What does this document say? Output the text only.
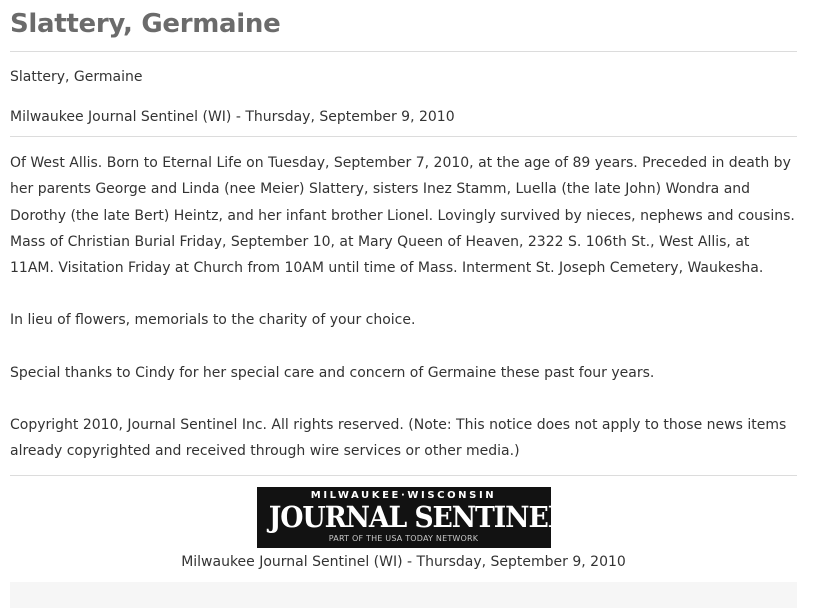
Slattery, Germaine
Slattery, Germaine
Milwaukee Journal Sentinel (WI) - Thursday, September 9, 2010

Of West Allis. Born to Eternal Life on Tuesday, September 7, 2010, at the age of 89 years. Preceded in death by her parents George and Linda (nee Meier) Slattery, sisters Inez Stamm, Luella (the late John) Wondra and Dorothy (the late Bert) Heintz, and her infant brother Lionel. Lovingly survived by nieces, nephews and cousins. Mass of Christian Burial Friday, September 10, at Mary Queen of Heaven, 2322 S. 106th St., West Allis, at 11AM. Visitation Friday at Church from 10AM until time of Mass. Interment St. Joseph Cemetery, Waukesha.

In lieu of flowers, memorials to the charity of your choice.

Special thanks to Cindy for her special care and concern of Germaine these past four years.

Copyright 2010, Journal Sentinel Inc. All rights reserved. (Note: This notice does not apply to those news items already copyrighted and received through wire services or other media.)

MILWAUKEE·WISCONSIN
JOURNAL SENTINEL
PART OF THE USA TODAY NETWORK
Milwaukee Journal Sentinel (WI) - Thursday, September 9, 2010
